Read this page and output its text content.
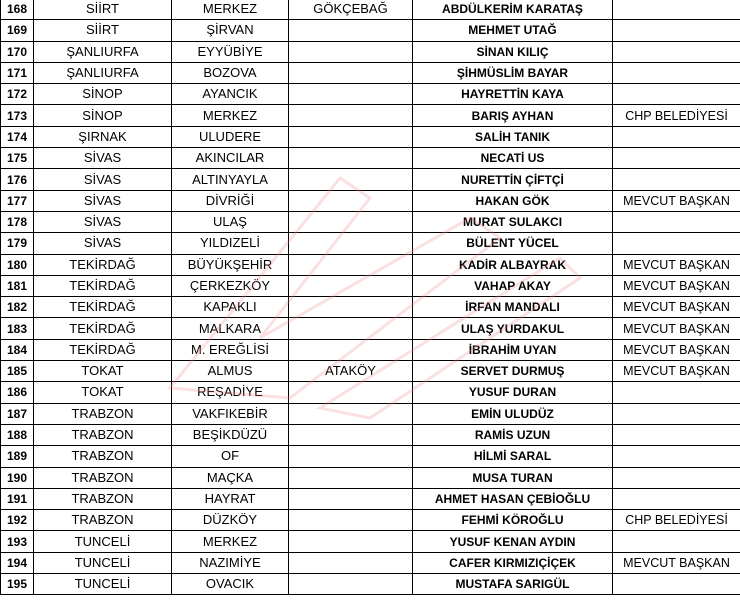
168	SİİRT	MERKEZ	GÖKÇEBAĞ	ABDÜLKERİM KARATAŞ	
169	SİİRT	ŞİRVAN		MEHMET UTAĞ	
170	ŞANLIURFA	EYYÜBİYE		SİNAN KILIÇ	
171	ŞANLIURFA	BOZOVA		ŞİHMÜSLİM BAYAR	
172	SİNOP	AYANCIK		HAYRETTİN KAYA	
173	SİNOP	MERKEZ		BARIŞ AYHAN	CHP BELEDİYESİ
174	ŞIRNAK	ULUDERE		SALİH TANIK	
175	SİVAS	AKINCILAR		NECATİ US	
176	SİVAS	ALTINYAYLA		NURETTİN ÇİFTÇİ	
177	SİVAS	DİVRİĞİ		HAKAN GÖK	MEVCUT BAŞKAN
178	SİVAS	ULAŞ		MURAT SULAKCI	
179	SİVAS	YILDIZELİ		BÜLENT YÜCEL	
180	TEKİRDAĞ	BÜYÜKŞEHİR		KADİR ALBAYRAK	MEVCUT BAŞKAN
181	TEKİRDAĞ	ÇERKEZKÖY		VAHAP AKAY	MEVCUT BAŞKAN
182	TEKİRDAĞ	KAPAKLI		İRFAN MANDALI	MEVCUT BAŞKAN
183	TEKİRDAĞ	MALKARA		ULAŞ YURDAKUL	MEVCUT BAŞKAN
184	TEKİRDAĞ	M. EREĞLİSİ		İBRAHİM UYAN	MEVCUT BAŞKAN
185	TOKAT	ALMUS	ATAKÖY	SERVET DURMUŞ	MEVCUT BAŞKAN
186	TOKAT	REŞADİYE		YUSUF DURAN	
187	TRABZON	VAKFIKEBİR		EMİN ULUDÜZ	
188	TRABZON	BEŞİKDÜZÜ		RAMİS UZUN	
189	TRABZON	OF		HİLMİ SARAL	
190	TRABZON	MAÇKA		MUSA TURAN	
191	TRABZON	HAYRAT		AHMET HASAN ÇEBİOĞLU	
192	TRABZON	DÜZKÖY		FEHMİ KÖROĞLU	CHP BELEDİYESİ
193	TUNCELİ	MERKEZ		YUSUF KENAN AYDIN	
194	TUNCELİ	NAZIMİYE		CAFER KIRMIZIÇİÇEK	MEVCUT BAŞKAN
195	TUNCELİ	OVACIK		MUSTAFA SARIGÜL	
